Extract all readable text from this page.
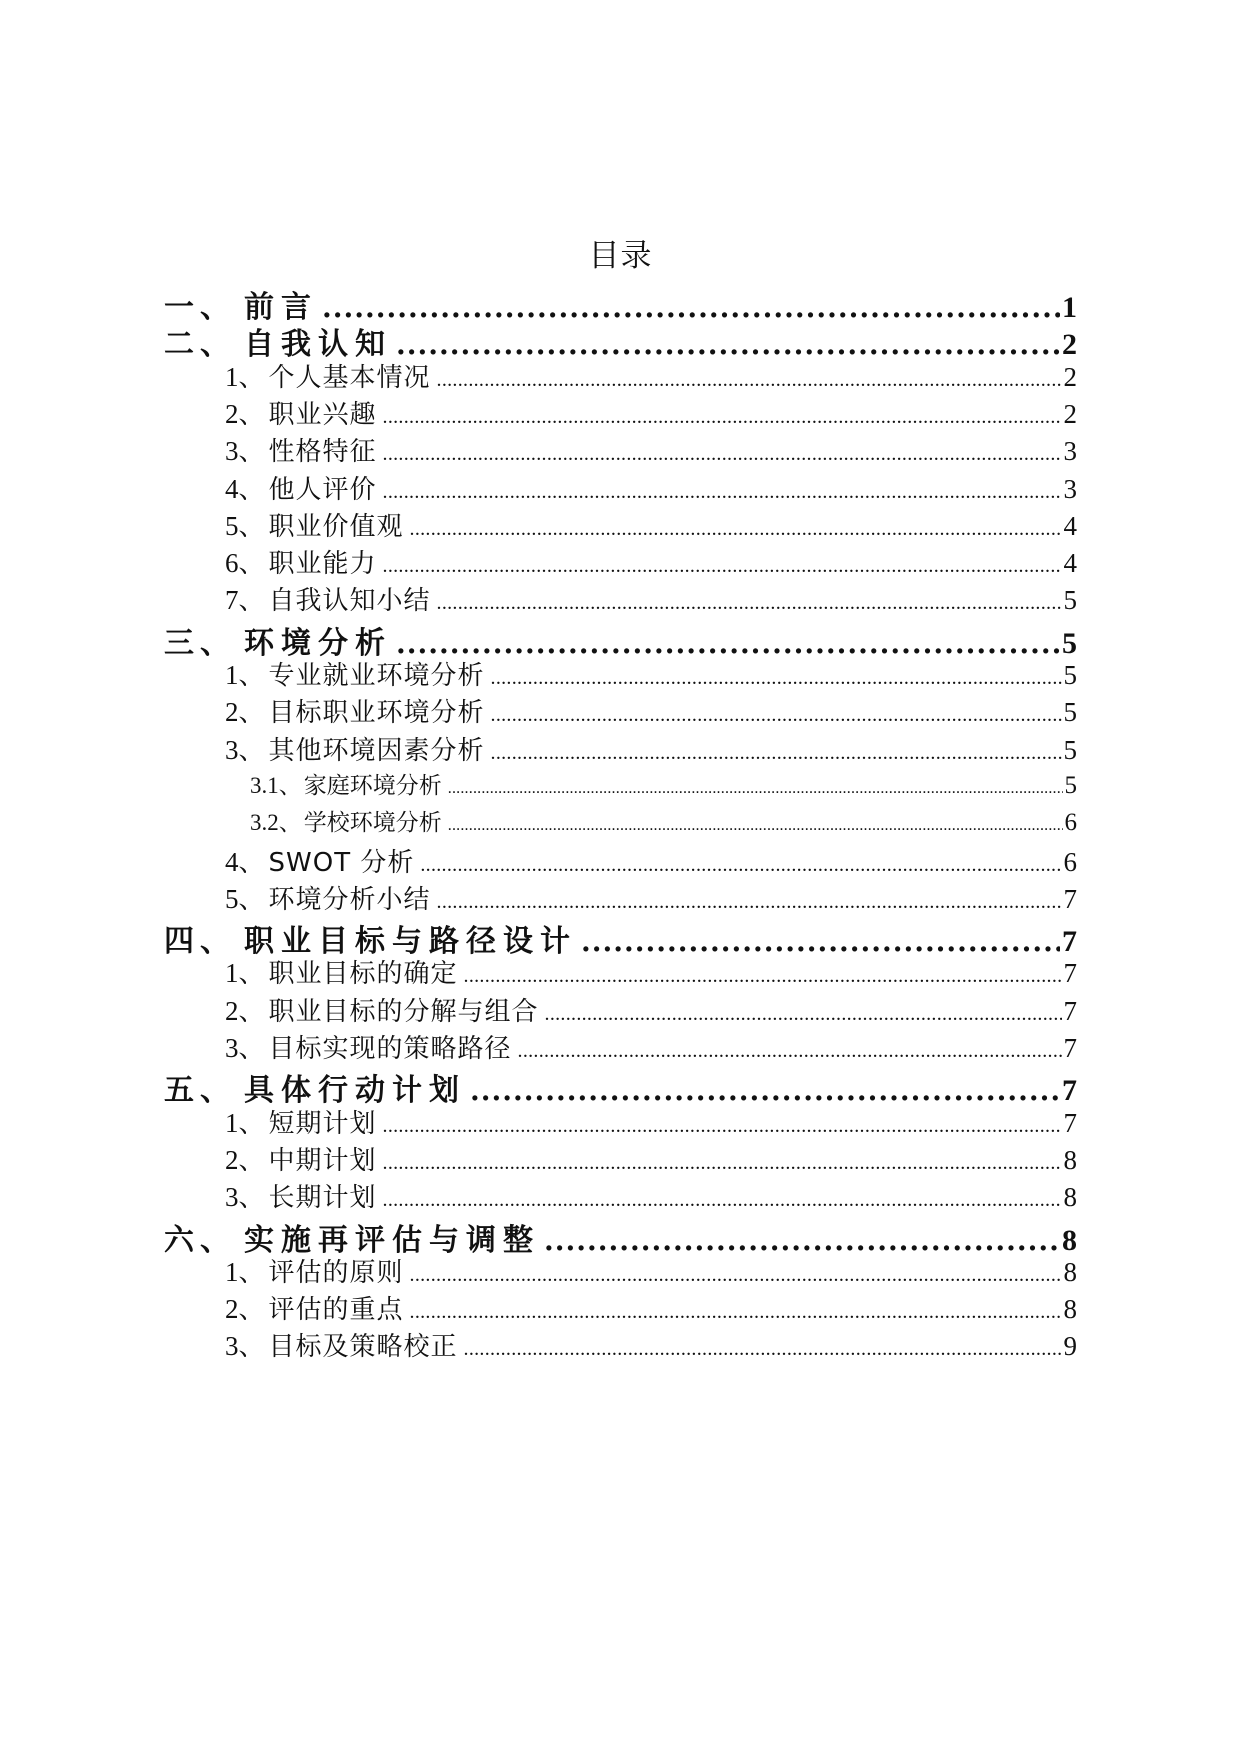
目录
一 、 前言 .....	1
二 、 自我认知 .....	2
1 、 个人基本情况 .....	2
2 、 职业兴趣 .....	2
3 、 性格特征 .....	3
4 、 他人评价 .....	3
5 、 职业价值观 .....	4
6 、 职业能力 .....	4
7 、 自我认知小结 .....	5
三 、 环境分析 .....	5
1 、 专业就业环境分析 .....	5
2 、 目标职业环境分析 .....	5
3 、 其他环境因素分析 .....	5
3.1 、 家庭环境分析 .....	5
3.2 、 学校环境分析 .....	6
4 、 SWOT 分析 .....	6
5 、 环境分析小结 .....	7
四 、 职业目标与路径设计 .....	7
1 、 职业目标的确定 .....	7
2 、 职业目标的分解与组合 .....	7
3 、 目标实现的策略路径 .....	7
五 、 具体行动计划 .....	7
1 、 短期计划 .....	7
2 、 中期计划 .....	8
3 、 长期计划 .....	8
六 、 实施再评估与调整 .....	8
1 、 评估的原则 .....	8
2 、 评估的重点 .....	8
3 、 目标及策略校正 .....	9
